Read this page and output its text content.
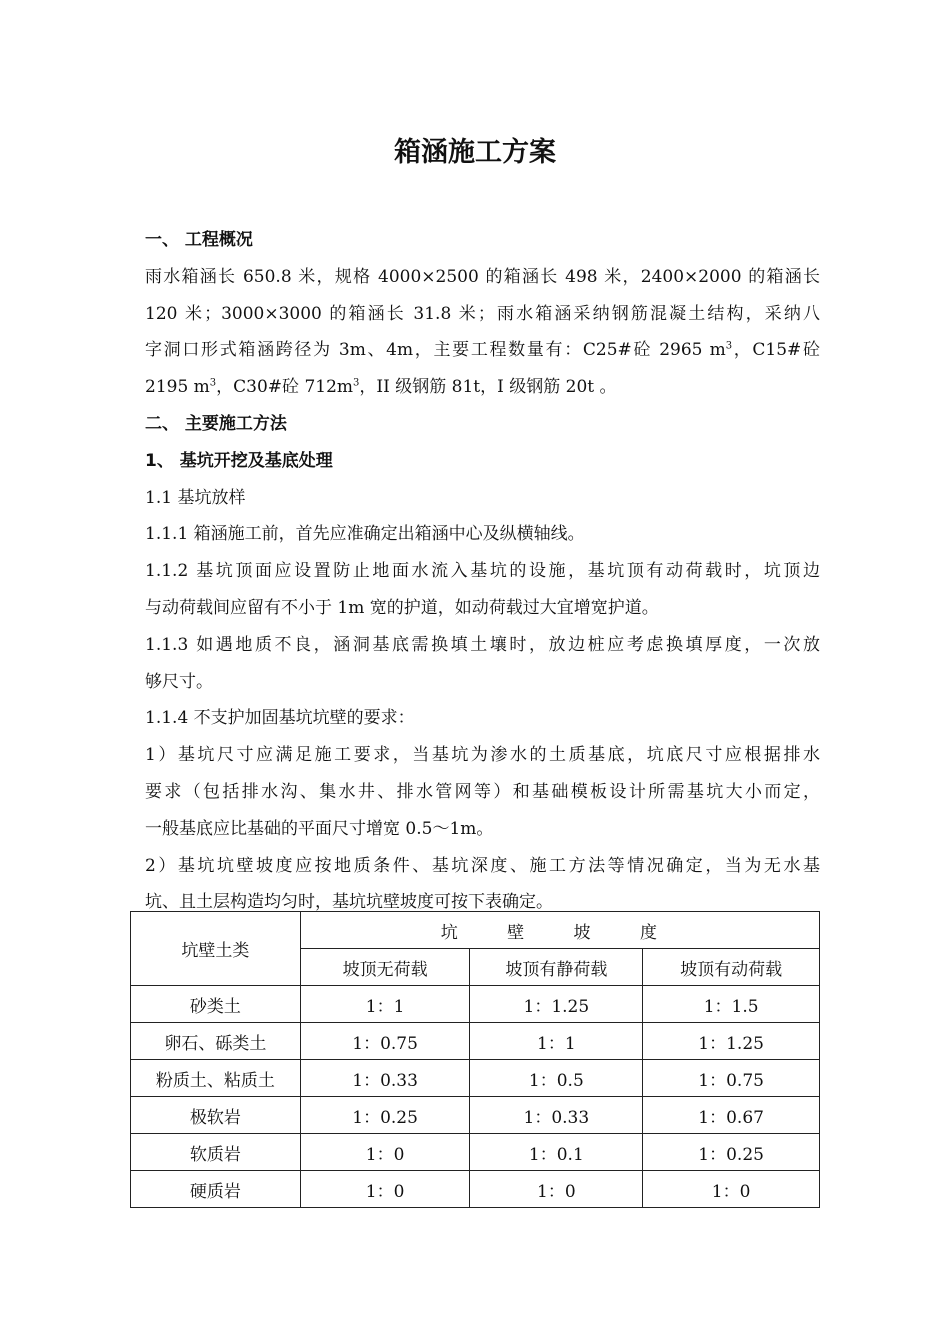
箱涵施工方案
一、 工程概况
雨水箱涵长 650.8 米，规格 4000×2500 的箱涵长 498 米，2400×2000 的箱涵长
120 米；3000×3000 的箱涵长 31.8 米；雨水箱涵采纳钢筋混凝土结构，采纳八
字洞口形式箱涵跨径为 3m、4m，主要工程数量有：C25#砼 2965 $m^3$，C15#砼
2195 $m^3$，C30#砼 $712m^3$，II 级钢筋 81t，I 级钢筋 20t 。
二、 主要施工方法
1、 基坑开挖及基底处理
1.1 基坑放样
1.1.1 箱涵施工前，首先应准确定出箱涵中心及纵横轴线。
1.1.2 基坑顶面应设置防止地面水流入基坑的设施，基坑顶有动荷载时，坑顶边
与动荷载间应留有不小于 1m 宽的护道，如动荷载过大宜增宽护道。
1.1.3 如遇地质不良，涵洞基底需换填土壤时，放边桩应考虑换填厚度，一次放
够尺寸。
1.1.4 不支护加固基坑坑壁的要求：
1）基坑尺寸应满足施工要求，当基坑为渗水的土质基底，坑底尺寸应根据排水
要求（包括排水沟、集水井、排水管网等）和基础模板设计所需基坑大小而定，
一般基底应比基础的平面尺寸增宽 0.5～1m。
2）基坑坑壁坡度应按地质条件、基坑深度、施工方法等情况确定，当为无水基
坑、且土层构造均匀时，基坑坑壁坡度可按下表确定。
坑壁土类	坑 壁 坡 度		
	坡顶无荷载	坡顶有静荷载	坡顶有动荷载
砂类土	1：1	1：1.25	1：1.5
卵石、砾类土	1：0.75	1：1	1：1.25
粉质土、粘质土	1：0.33	1：0.5	1：0.75
极软岩	1：0.25	1：0.33	1：0.67
软质岩	1：0	1：0.1	1：0.25
硬质岩	1：0	1：0	1：0
